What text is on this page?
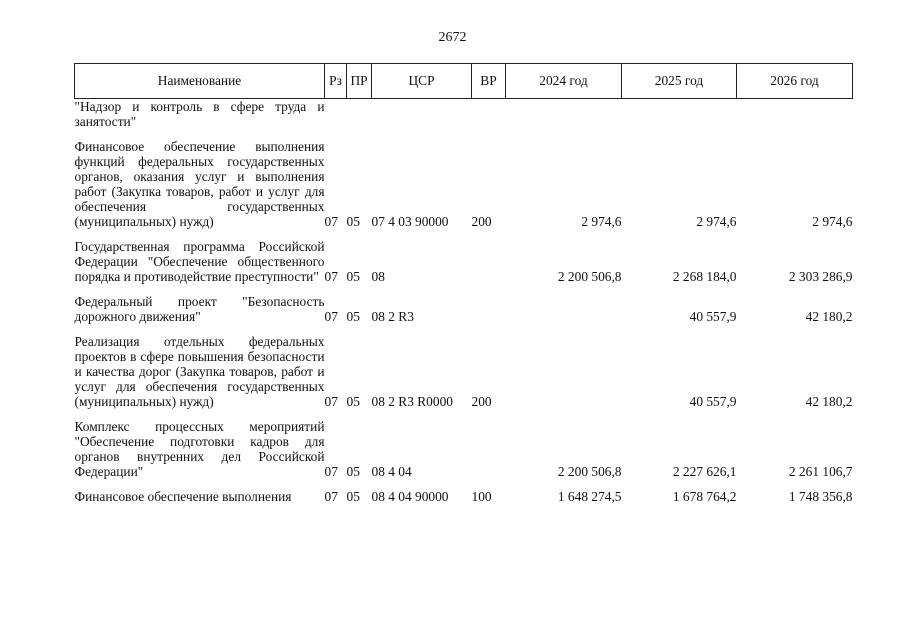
2672
Наименование	Рз	ПР	ЦСР	ВР	2024 год	2025 год	2026 год
"Надзор и контроль в сфере труда и занятости"							

Финансовое обеспечение выполнения функций федеральных государственных органов, оказания услуг и выполнения работ (Закупка товаров, работ и услуг для обеспечения государственных (муниципальных) нужд)	07	05	07 4 03 90000	200	2 974,6	2 974,6	2 974,6

Государственная программа Российской Федерации "Обеспечение общественного порядка и противодействие преступности"	07	05	08		2 200 506,8	2 268 184,0	2 303 286,9

Федеральный проект "Безопасность дорожного движения"	07	05	08 2 R3			40 557,9	42 180,2

Реализация отдельных федеральных проектов в сфере повышения безопасности и качества дорог (Закупка товаров, работ и услуг для обеспечения государственных (муниципальных) нужд)	07	05	08 2 R3 R0000	200		40 557,9	42 180,2

Комплекс процессных мероприятий "Обеспечение подготовки кадров для органов внутренних дел Российской Федерации"	07	05	08 4 04		2 200 506,8	2 227 626,1	2 261 106,7

Финансовое обеспечение выполнения	07	05	08 4 04 90000	100	1 648 274,5	1 678 764,2	1 748 356,8
